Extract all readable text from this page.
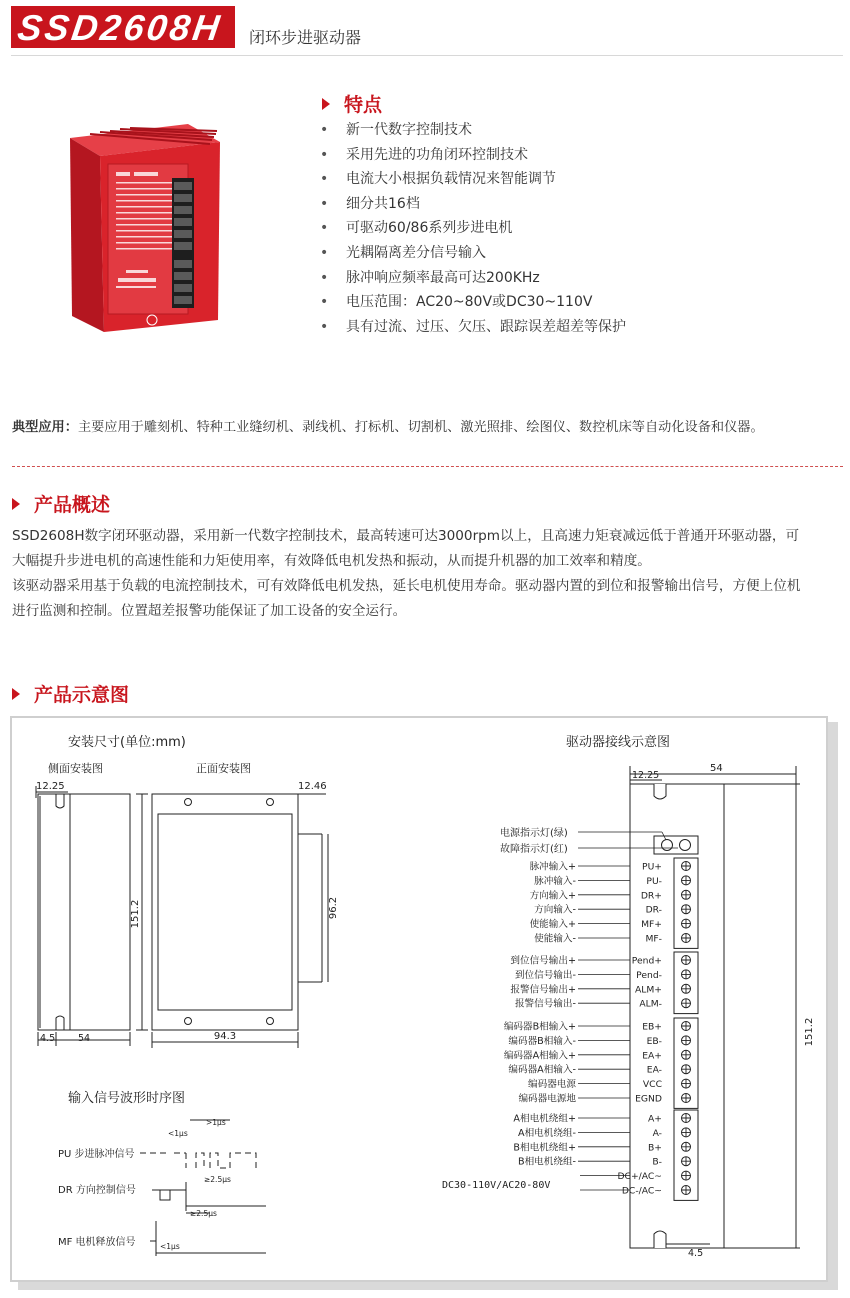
SSD2608H 闭环步进驱动器
特点
• 新一代数字控制技术
• 采用先进的功角闭环控制技术
• 电流大小根据负载情况来智能调节
• 细分共16档
• 可驱动60/86系列步进电机
• 光耦隔离差分信号输入
• 脉冲响应频率最高可达200KHz
• 电压范围：AC20~80V或DC30~110V
• 具有过流、过压、欠压、跟踪误差超差等保护
典型应用：主要应用于雕刻机、特种工业缝纫机、剥线机、打标机、切割机、激光照排、绘图仪、数控机床等自动化设备和仪器。
产品概述
SSD2608H数字闭环驱动器，采用新一代数字控制技术，最高转速可达3000rpm以上，且高速力矩衰减远低于普通开环驱动器，可
大幅提升步进电机的高速性能和力矩使用率，有效降低电机发热和振动，从而提升机器的加工效率和精度。
该驱动器采用基于负载的电流控制技术，可有效降低电机发热，延长电机使用寿命。驱动器内置的到位和报警输出信号，方便上位机
进行监测和控制。位置超差报警功能保证了加工设备的安全运行。
产品示意图
安装尺寸(单位:mm)
侧面安装图	正面安装图
12.25
4.5 54
151.2
12.46
96.2
94.3
输入信号波形时序图
PU 步进脉冲信号
DR 方向控制信号
MF 电机释放信号
<1μs
>1μs
≥2.5μs
≥2.5μs
<1μs
驱动器接线示意图
54
12.25
151.2
4.5
电源指示灯(绿)
故障指示灯(红)
脉冲输入+	PU+
脉冲输入-	PU-
方向输入+	DR+
方向输入-	DR-
使能输入+	MF+
使能输入-	MF-
到位信号输出+	Pend+
到位信号输出-	Pend-
报警信号输出+	ALM+
报警信号输出-	ALM-
编码器B相输入+	EB+
编码器B相输入-	EB-
编码器A相输入+	EA+
编码器A相输入-	EA-
编码器电源	VCC
编码器电源地	EGND
A相电机绕组+	A+
A相电机绕组-	A-
B相电机绕组+	B+
B相电机绕组-	B-
DC+/AC~
DC-/AC~
DC30-110V/AC20-80V
